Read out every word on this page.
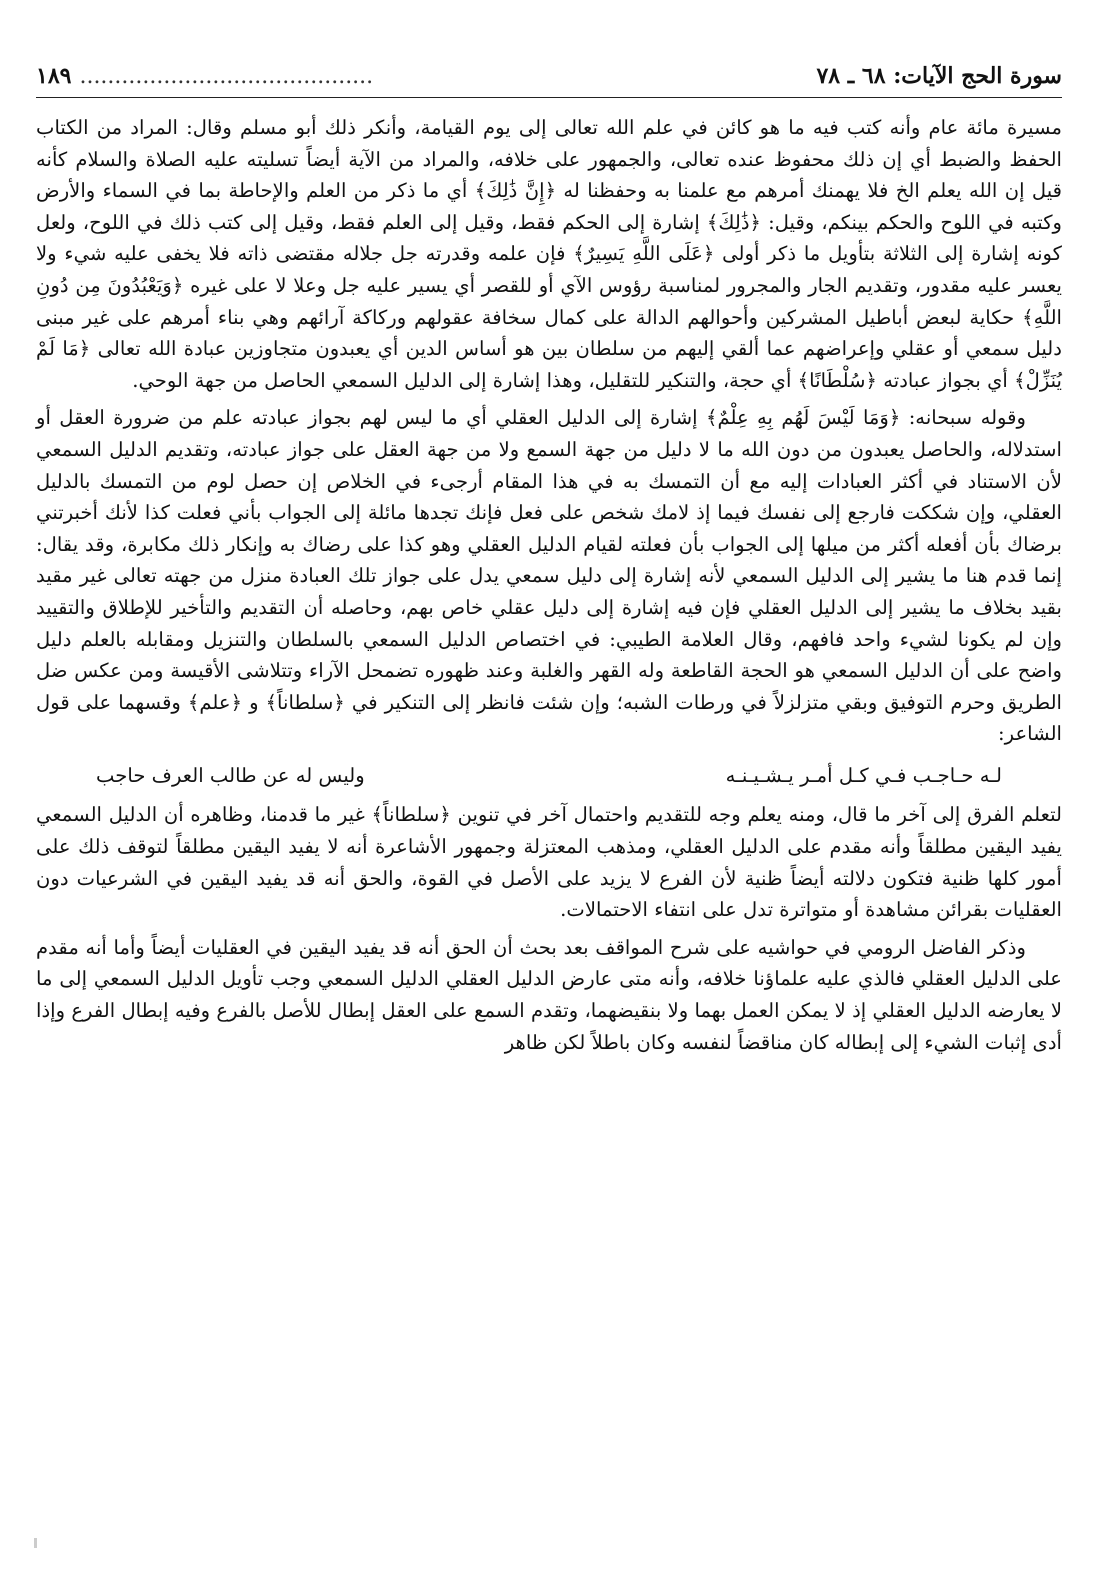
سورة الحج الآيات: ٦٨ ـ ٧٨
..........................................
١٨٩

مسيرة مائة عام وأنه كتب فيه ما هو كائن في علم الله تعالى إلى يوم القيامة، وأنكر ذلك أبو مسلم وقال: المراد من الكتاب الحفظ والضبط أي إن ذلك محفوظ عنده تعالى، والجمهور على خلافه، والمراد من الآية أيضاً تسليته عليه الصلاة والسلام كأنه قيل إن الله يعلم الخ فلا يهمنك أمرهم مع علمنا به وحفظنا له ﴿إِنَّ ذَٰلِكَ﴾ أي ما ذكر من العلم والإحاطة بما في السماء والأرض وكتبه في اللوح والحكم بينكم، وقيل: ﴿ذَٰلِكَ﴾ إشارة إلى الحكم فقط، وقيل إلى العلم فقط، وقيل إلى كتب ذلك في اللوح، ولعل كونه إشارة إلى الثلاثة بتأويل ما ذكر أولى ﴿عَلَى اللَّهِ يَسِيرٌ﴾ فإن علمه وقدرته جل جلاله مقتضى ذاته فلا يخفى عليه شيء ولا يعسر عليه مقدور، وتقديم الجار والمجرور لمناسبة رؤوس الآي أو للقصر أي يسير عليه جل وعلا لا على غيره ﴿وَيَعْبُدُونَ مِن دُونِ اللَّهِ﴾ حكاية لبعض أباطيل المشركين وأحوالهم الدالة على كمال سخافة عقولهم وركاكة آرائهم وهي بناء أمرهم على غير مبنى دليل سمعي أو عقلي وإعراضهم عما ألقي إليهم من سلطان بين هو أساس الدين أي يعبدون متجاوزين عبادة الله تعالى ﴿مَا لَمْ يُنَزِّلْ﴾ أي بجواز عبادته ﴿سُلْطَانًا﴾ أي حجة، والتنكير للتقليل، وهذا إشارة إلى الدليل السمعي الحاصل من جهة الوحي.

وقوله سبحانه: ﴿وَمَا لَيْسَ لَهُم بِهِ عِلْمٌ﴾ إشارة إلى الدليل العقلي أي ما ليس لهم بجواز عبادته علم من ضرورة العقل أو استدلاله، والحاصل يعبدون من دون الله ما لا دليل من جهة السمع ولا من جهة العقل على جواز عبادته، وتقديم الدليل السمعي لأن الاستناد في أكثر العبادات إليه مع أن التمسك به في هذا المقام أرجىء في الخلاص إن حصل لوم من التمسك بالدليل العقلي، وإن شككت فارجع إلى نفسك فيما إذ لامك شخص على فعل فإنك تجدها مائلة إلى الجواب بأني فعلت كذا لأنك أخبرتني برضاك بأن أفعله أكثر من ميلها إلى الجواب بأن فعلته لقيام الدليل العقلي وهو كذا على رضاك به وإنكار ذلك مكابرة، وقد يقال: إنما قدم هنا ما يشير إلى الدليل السمعي لأنه إشارة إلى دليل سمعي يدل على جواز تلك العبادة منزل من جهته تعالى غير مقيد بقيد بخلاف ما يشير إلى الدليل العقلي فإن فيه إشارة إلى دليل عقلي خاص بهم، وحاصله أن التقديم والتأخير للإطلاق والتقييد وإن لم يكونا لشيء واحد فافهم، وقال العلامة الطيبي: في اختصاص الدليل السمعي بالسلطان والتنزيل ومقابله بالعلم دليل واضح على أن الدليل السمعي هو الحجة القاطعة وله القهر والغلبة وعند ظهوره تضمحل الآراء وتتلاشى الأقيسة ومن عكس ضل الطريق وحرم التوفيق وبقي متزلزلاً في ورطات الشبه؛ وإن شئت فانظر إلى التنكير في ﴿سلطاناً﴾ و ﴿علم﴾ وقسهما على قول الشاعر:

لـه حـاجـب فـي كـل أمـر يـشـيـنـه
وليس له عن طالب العرف حاجب

لتعلم الفرق إلى آخر ما قال، ومنه يعلم وجه للتقديم واحتمال آخر في تنوين ﴿سلطاناً﴾ غير ما قدمنا، وظاهره أن الدليل السمعي يفيد اليقين مطلقاً وأنه مقدم على الدليل العقلي، ومذهب المعتزلة وجمهور الأشاعرة أنه لا يفيد اليقين مطلقاً لتوقف ذلك على أمور كلها ظنية فتكون دلالته أيضاً ظنية لأن الفرع لا يزيد على الأصل في القوة، والحق أنه قد يفيد اليقين في الشرعيات دون العقليات بقرائن مشاهدة أو متواترة تدل على انتفاء الاحتمالات.

وذكر الفاضل الرومي في حواشيه على شرح المواقف بعد بحث أن الحق أنه قد يفيد اليقين في العقليات أيضاً وأما أنه مقدم على الدليل العقلي فالذي عليه علماؤنا خلافه، وأنه متى عارض الدليل العقلي الدليل السمعي وجب تأويل الدليل السمعي إلى ما لا يعارضه الدليل العقلي إذ لا يمكن العمل بهما ولا بنقيضهما، وتقدم السمع على العقل إبطال للأصل بالفرع وفيه إبطال الفرع وإذا أدى إثبات الشيء إلى إبطاله كان مناقضاً لنفسه وكان باطلاً لكن ظاهر
